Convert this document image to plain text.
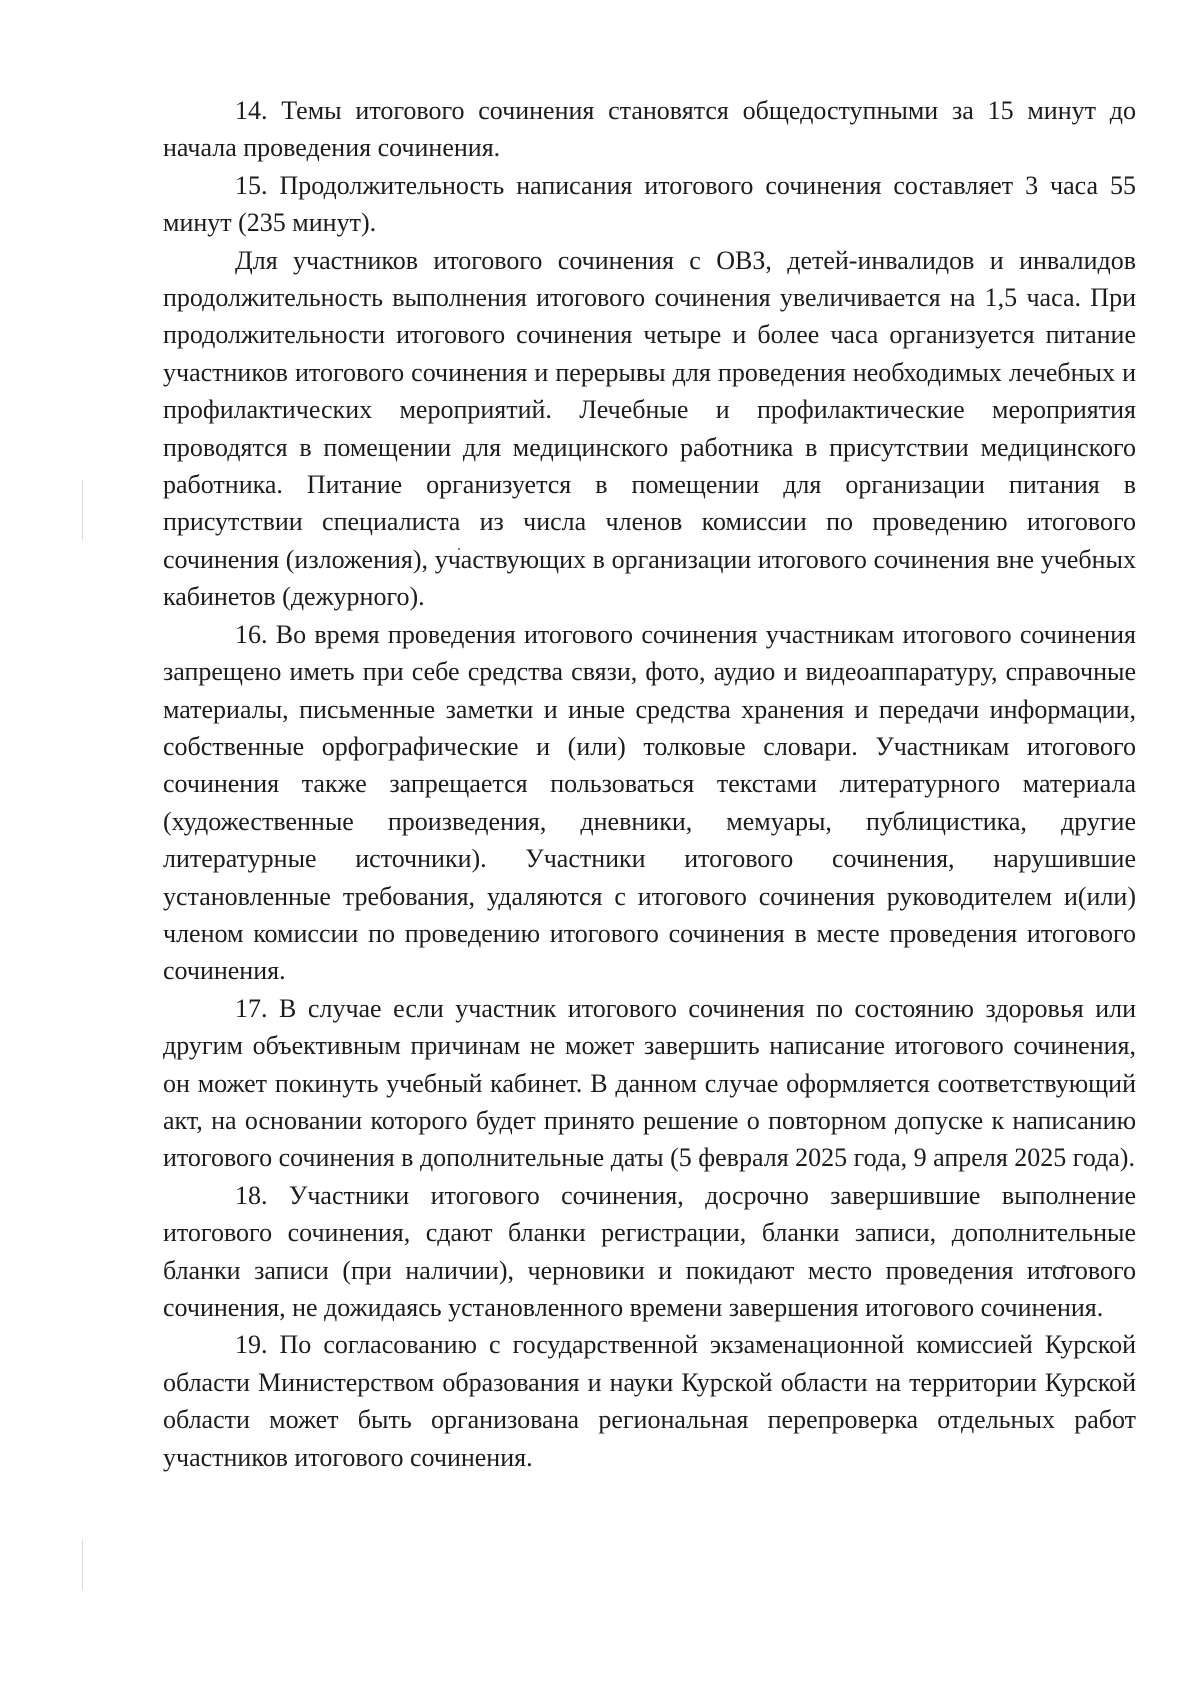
14. Темы итогового сочинения становятся общедоступными за 15 минут до начала проведения сочинения.

15. Продолжительность написания итогового сочинения составляет 3 часа 55 минут (235 минут).

Для участников итогового сочинения с ОВЗ, детей-инвалидов и инвалидов продолжительность выполнения итогового сочинения увеличивается на 1,5 часа. При продолжительности итогового сочинения четыре и более часа организуется питание участников итогового сочинения и перерывы для проведения необходимых лечебных и профилактических мероприятий. Лечебные и профилактические мероприятия проводятся в помещении для медицинского работника в присутствии медицинского работника. Питание организуется в помещении для организации питания в присутствии специалиста из числа членов комиссии по проведению итогового сочинения (изложения), участвующих в организации итогового сочинения вне учебных кабинетов (дежурного).

16. Во время проведения итогового сочинения участникам итогового сочинения запрещено иметь при себе средства связи, фото, аудио и видеоаппаратуру, справочные материалы, письменные заметки и иные средства хранения и передачи информации, собственные орфографические и (или) толковые словари. Участникам итогового сочинения также запрещается пользоваться текстами литературного материала (художественные произведения, дневники, мемуары, публицистика, другие литературные источники). Участники итогового сочинения, нарушившие установленные требования, удаляются с итогового сочинения руководителем и(или) членом комиссии по проведению итогового сочинения в месте проведения итогового сочинения.

17. В случае если участник итогового сочинения по состоянию здоровья или другим объективным причинам не может завершить написание итогового сочинения, он может покинуть учебный кабинет. В данном случае оформляется соответствующий акт, на основании которого будет принято решение о повторном допуске к написанию итогового сочинения в дополнительные даты (5 февраля 2025 года, 9 апреля 2025 года).

18. Участники итогового сочинения, досрочно завершившие выполнение итогового сочинения, сдают бланки регистрации, бланки записи, дополнительные бланки записи (при наличии), черновики и покидают место проведения итогового сочинения, не дожидаясь установленного времени завершения итогового сочинения.

19. По согласованию с государственной экзаменационной комиссией Курской области Министерством образования и науки Курской области на территории Курской области может быть организована региональная перепроверка отдельных работ участников итогового сочинения.
